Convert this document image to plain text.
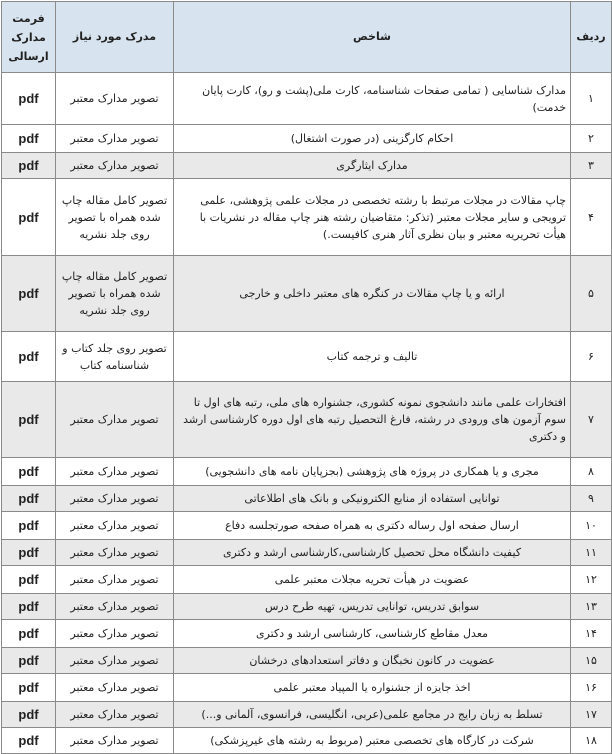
ردیف	شاخص	مدرک مورد نیاز	فرمت مدارک ارسالی
۱	مدارک شناسایی ( تمامی صفحات شناسنامه، کارت ملی(پشت و رو)، کارت پایان خدمت)	تصویر مدارک معتبر	pdf
۲	احکام کارگزینی (در صورت اشتغال)	تصویر مدارک معتبر	pdf
۳	مدارک ایثارگری	تصویر مدارک معتبر	pdf
۴	چاپ مقالات در مجلات مرتبط با رشته تخصصی در مجلات علمی پژوهشی، علمی ترویجی و سایر مجلات معتبر (تذکر: متقاضیان رشته هنر چاپ مقاله در نشریات با هیأت تحریریه معتبر و بیان نظری آثار هنری کافیست.)	تصویر کامل مقاله چاپ شده همراه با تصویر روی جلد نشریه	pdf
۵	ارائه و یا چاپ مقالات در کنگره های معتبر داخلی و خارجی	تصویر کامل مقاله چاپ شده همراه با تصویر روی جلد نشریه	pdf
۶	تالیف و ترجمه کتاب	تصویر روی جلد کتاب و شناسنامه کتاب	pdf
۷	افتخارات علمی مانند دانشجوی نمونه کشوری، جشنواره های ملی، رتبه های اول تا سوم آزمون های ورودی در رشته، فارغ التحصیل رتبه های اول دوره کارشناسی ارشد و دکتری	تصویر مدارک معتبر	pdf
۸	مجری و یا همکاری در پروژه های پژوهشی (بجزپایان نامه های دانشجویی)	تصویر مدارک معتبر	pdf
۹	توانایی استفاده از منابع الکترونیکی و بانک های اطلاعاتی	تصویر مدارک معتبر	pdf
۱۰	ارسال صفحه اول رساله دکتری به همراه صفحه صورتجلسه دفاع	تصویر مدارک معتبر	pdf
۱۱	کیفیت دانشگاه محل تحصیل کارشناسی،کارشناسی ارشد و دکتری	تصویر مدارک معتبر	pdf
۱۲	عضویت در هیأت تحریه مجلات معتبر علمی	تصویر مدارک معتبر	pdf
۱۳	سوابق تدریس، توانایی تدریس، تهیه طرح درس	تصویر مدارک معتبر	pdf
۱۴	معدل مقاطع کارشناسی، کارشناسی ارشد و دکتری	تصویر مدارک معتبر	pdf
۱۵	عضویت در کانون نخبگان و دفاتر استعدادهای درخشان	تصویر مدارک معتبر	pdf
۱۶	اخذ جایزه از جشنواره یا المپیاد معتبر علمی	تصویر مدارک معتبر	pdf
۱۷	تسلط به زبان رایج در مجامع علمی(عربی، انگلیسی، فرانسوی، آلمانی و...)	تصویر مدارک معتبر	pdf
۱۸	شرکت در کارگاه های تخصصی معتبر (مربوط به رشته های غیرپزشکی)	تصویر مدارک معتبر	pdf
